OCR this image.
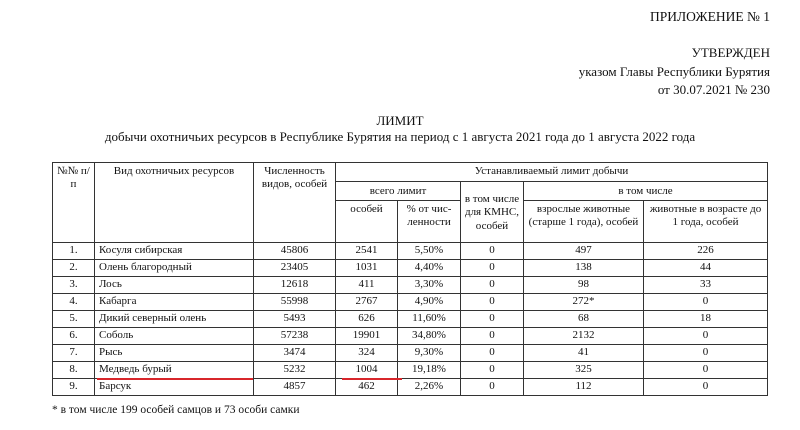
ПРИЛОЖЕНИЕ № 1
УТВЕРЖДЕН
указом Главы Республики Бурятия
от 30.07.2021 № 230
ЛИМИТ
добычи охотничьих ресурсов в Республике Бурятия на период с 1 августа 2021 года до 1 августа 2022 года
№№ п/п	Вид охотничьих ресурсов	Численность видов, особей	Устанавливаемый лимит добычи				
			всего лимит		в том числе для КМНС, особей	в том числе	
			особей	% от чис-ленности		взрослые животные (старше 1 года), особей	животные в возрасте до 1 года, особей
1.	Косуля сибирская	45806	2541	5,50%	0	497	226
2.	Олень благородный	23405	1031	4,40%	0	138	44
3.	Лось	12618	411	3,30%	0	98	33
4.	Кабарга	55998	2767	4,90%	0	272*	0
5.	Дикий северный олень	5493	626	11,60%	0	68	18
6.	Соболь	57238	19901	34,80%	0	2132	0
7.	Рысь	3474	324	9,30%	0	41	0
8.	Медведь бурый	5232	1004	19,18%	0	325	0
9.	Барсук	4857	462	2,26%	0	112	0
* в том числе 199 особей самцов и 73 особи самки
